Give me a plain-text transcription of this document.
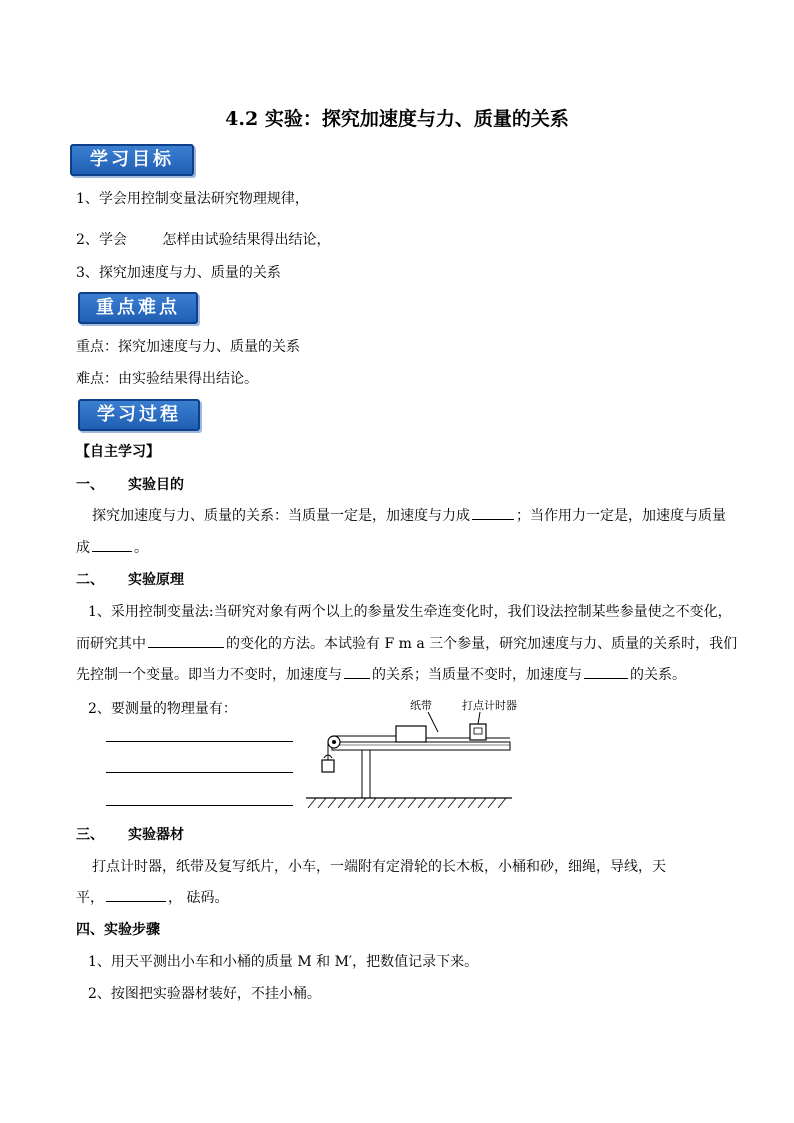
4.2 实验：探究加速度与力、质量的关系
学习目标
1、学会用控制变量法研究物理规律，
2、学会        怎样由试验结果得出结论，
3、探究加速度与力、质量的关系
重点难点
重点：探究加速度与力、质量的关系
难点：由实验结果得出结论。
学习过程
【自主学习】
一、 实验目的
探究加速度与力、质量的关系：当质量一定是，加速度与力成	；当作用力一定是，加速度与质量
成	。
二、 实验原理
1、采用控制变量法:当研究对象有两个以上的参量发生牵连变化时，我们设法控制某些参量使之不变化，
而研究其中	的变化的方法。本试验有 F m a 三个参量，研究加速度与力、质量的关系时，我们
先控制一个变量。即当力不变时，加速度与 的关系；当质量不变时，加速度与	的关系。
2、要测量的物理量有：	纸带	打点计时器
三、 实验器材
打点计时器，纸带及复写纸片，小车，一端附有定滑轮的长木板，小桶和砂，细绳，导线，天
平，	， 砝码。
四、实验步骤
1、用天平测出小车和小桶的质量 M 和 M′，把数值记录下来。
2、按图把实验器材装好，不挂小桶。
